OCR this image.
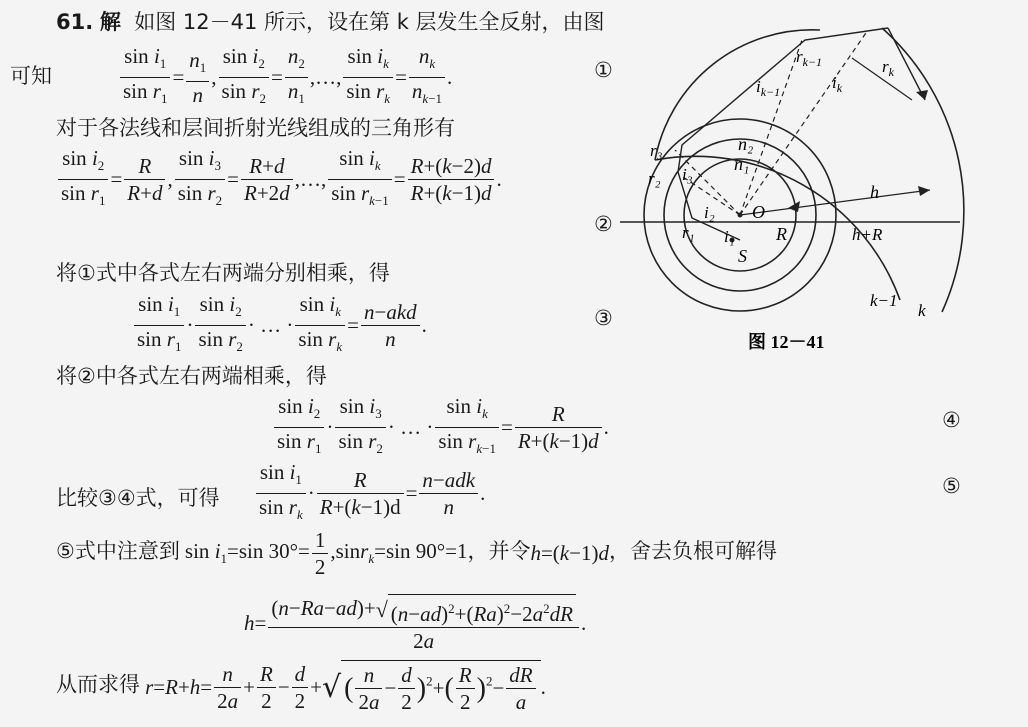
61. 解 如图 12－41 所示，设在第 k 层发生全反射，由图
可知	$\frac{\sin i_1}{\sin r_1} = \frac{n_1}{n}$ , $\frac{\sin i_2}{\sin r_2} = \frac{n_2}{n_1}$ ,…, $\frac{\sin i_k}{\sin r_k} = \frac{n_k}{n_{k-1}}$ .	①
对于各法线和层间折射光线组成的三角形有
$\frac{\sin i_2}{\sin r_1} = \frac{R}{R+d}$ , $\frac{\sin i_3}{\sin r_2} = \frac{R+d}{R+2d}$ ,…, $\frac{\sin i_k}{\sin r_{k-1}} = \frac{R+(k-2)d}{R+(k-1)d}$ .
②
将①式中各式左右两端分别相乘，得
$\frac{\sin i_1}{\sin r_1} \cdot \frac{\sin i_2}{\sin r_2}$ · … · $\frac{\sin i_k}{\sin r_k}$ =
n−akd
n
.	③
将②中各式左右两端相乘，得
$\frac{\sin i_2}{\sin r_1} \cdot \frac{\sin i_3}{\sin r_2}$ · … · $\frac{\sin i_k}{\sin r_{k-1}} = \frac{R}{R+(k-1)d}$ .	④
比较③④式，可得 $\frac{\sin i_1}{\sin r_k} \cdot \frac{R}{R+(k-1)d}$ =
n−adk
n
.	⑤
⑤式中注意到 $\sin i_1=\sin$ $30^\circ= \frac{1}{2} ,\sin r_k=\sin$ 90°=1，并令h=(k−1)d，舍去负根可解得
$h= \frac{(n-Ra-ad)+√ (n-ad)^2+(Ra)^2-2a^2dR}{2a}$ .
从而求得 $r=R+h= \frac{n}{2a} + \frac{R}{2} - \frac{d}{2}$ +√ ( $\frac{n}{2a} - \frac{d}{2} )^2+( \frac{R}{2} )^2- \frac{dR}{a}$ .
$r_{k-1}$	$r_k$
$i_{k-1}$	$i_k$
n₂
n₁
r₃
r₂ i₃
i₂
r₁ i₁
O
R
S
h
h+R
k−1
k
图 12－41
